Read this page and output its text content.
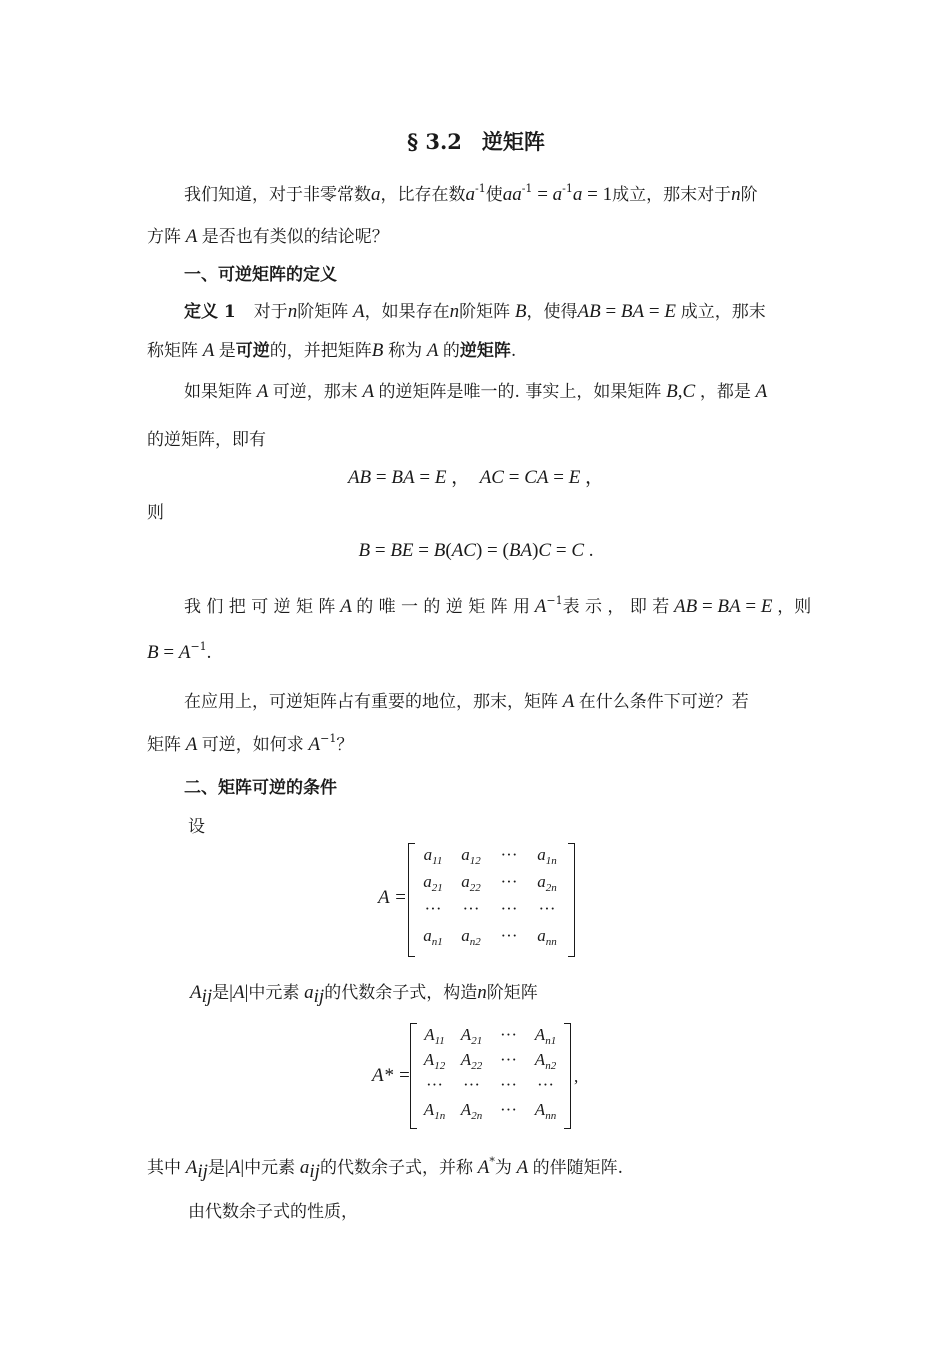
§ 3.2 逆矩阵
我们知道，对于非零常数a，比存在数$a^{-1}$使$aa^{-1} = a^{-1}a = 1$成立，那末对于n阶
方阵 A 是否也有类似的结论呢？
一、可逆矩阵的定义
定义 1 对于n阶矩阵 A，如果存在n阶矩阵 B，使得AB = BA = E 成立，那末
称矩阵 A 是可逆的，并把矩阵B 称为 A 的逆矩阵.
如果矩阵 A 可逆，那末 A 的逆矩阵是唯一的. 事实上，如果矩阵 B,C ，都是 A
的逆矩阵，即有
AB = BA = E ，  AC = CA = E ，
则
B = BE = B(AC) = (BA)C = C .
我 们 把 可 逆 矩 阵 A 的 唯 一 的 逆 矩 阵 用 $A^{-1}$表 示 ， 即 若 AB = BA = E ，则
$B = A^{-1}$.
在应用上，可逆矩阵占有重要的地位，那末，矩阵 A 在什么条件下可逆？若
矩阵 A 可逆，如何求 $A^{-1}$？
二、矩阵可逆的条件
设
A =
$a_{11}$	$a_{12}$	···	$a_{1n}$
$a_{21}$	$a_{22}$	···	$a_{2n}$
···	···	···	···
$a_{n1}$	$a_{n2}$	···	$a_{nn}$
$A_{ij}$是|A|中元素 $a_{ij}$的代数余子式，构造n阶矩阵
A* =	,
$A_{11}$ $A_{21}$	···	$A_{n1}$
$A_{12}$ $A_{22}$	···	$A_{n2}$
···	···	···	···
$A_{1n}$ $A_{2n}$	···	$A_{nn}$
其中 $A_{ij}$是|A|中元素 $a_{ij}$的代数余子式，并称 A*为 A 的伴随矩阵.
由代数余子式的性质，
